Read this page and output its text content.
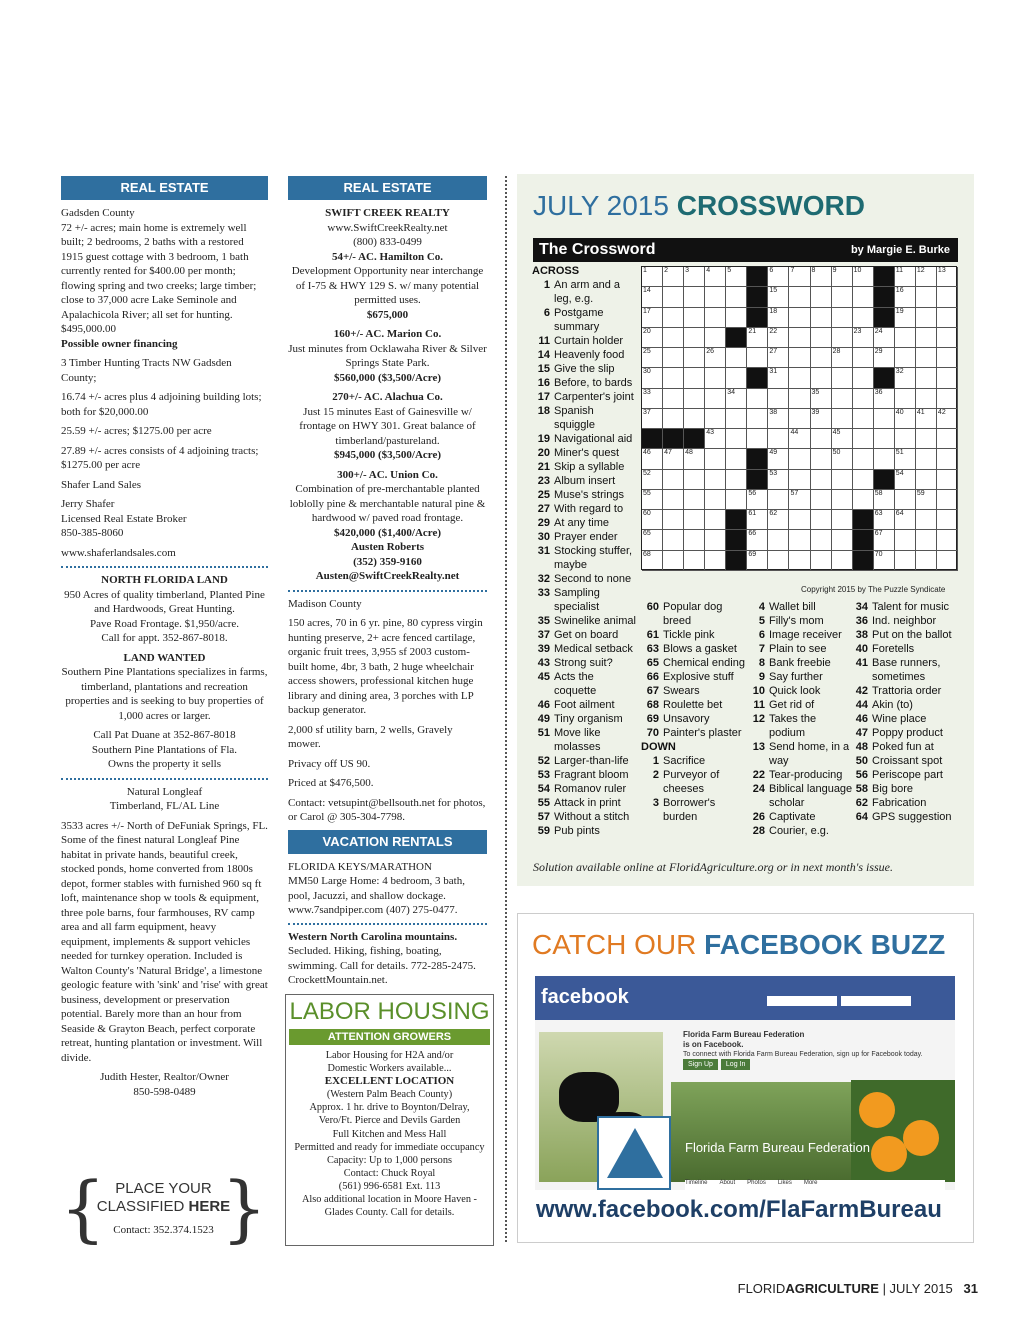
REAL ESTATE
Gadsden County
72 +/- acres; main home is extremely well built; 2 bedrooms, 2 baths with a restored 1915 guest cottage with 3 bedroom, 1 bath currently rented for $400.00 per month; flowing spring and two creeks; large timber; close to 37,000 acre Lake Seminole and Apalachicola River; all set for hunting. $495,000.00
Possible owner financing
3 Timber Hunting Tracts NW Gadsden County;
16.74 +/- acres plus 4 adjoining building lots; both for $20,000.00
25.59 +/- acres; $1275.00 per acre
27.89 +/- acres consists of 4 adjoining tracts; $1275.00 per acre
Shafer Land Sales
Jerry Shafer
Licensed Real Estate Broker
850-385-8060
www.shaferlandsales.com
NORTH FLORIDA LAND
950 Acres of quality timberland, Planted Pine and Hardwoods, Great Hunting.
Pave Road Frontage. $1,950/acre.
Call for appt. 352-867-8018.
LAND WANTED
Southern Pine Plantations specializes in farms, timberland, plantations and recreation properties and is seeking to buy properties of 1,000 acres or larger.
Call Pat Duane at 352-867-8018
Southern Pine Plantations of Fla.
Owns the property it sells
Natural Longleaf
Timberland, FL/AL Line
3533 acres +/- North of DeFuniak Springs, FL. Some of the finest natural Longleaf Pine habitat in private hands, beautiful creek, stocked ponds, home converted from 1800s depot, former stables with furnished 960 sq ft loft, maintenance shop w tools & equipment, three pole barns, four farmhouses, RV camp area and all farm equipment, heavy equipment, implements & support vehicles needed for turnkey operation. Included is Walton County's 'Natural Bridge', a limestone geologic feature with 'sink' and 'rise' with great business, development or preservation potential. Barely more than an hour from Seaside & Grayton Beach, perfect corporate retreat, hunting plantation or investment. Will divide.
Judith Hester, Realtor/Owner
850-598-0489
{ }
PLACE YOUR
CLASSIFIED HERE
Contact: 352.374.1523
REAL ESTATE
SWIFT CREEK REALTY
www.SwiftCreekRealty.net
(800) 833-0499
54+/- AC. Hamilton Co.
Development Opportunity near interchange of I-75 & HWY 129 S. w/ many potential permitted uses.
$675,000
160+/- AC. Marion Co.
Just minutes from Ocklawaha River & Silver Springs State Park.
$560,000 ($3,500/Acre)
270+/- AC. Alachua Co.
Just 15 minutes East of Gainesville w/ frontage on HWY 301. Great balance of timberland/pastureland.
$945,000 ($3,500/Acre)
300+/- AC. Union Co.
Combination of pre-merchantable planted loblolly pine & merchantable natural pine & hardwood w/ paved road frontage.
$420,000 ($1,400/Acre)
Austen Roberts
(352) 359-9160
Austen@SwiftCreekRealty.net
Madison County
150 acres, 70 in 6 yr. pine, 80 cypress virgin hunting preserve, 2+ acre fenced cartilage, organic fruit trees, 3,955 sf 2003 custom-built home, 4br, 3 bath, 2 huge wheelchair access showers, professional kitchen huge library and dining area, 3 porches with LP backup generator.
2,000 sf utility barn, 2 wells, Gravely mower.
Privacy off US 90.
Priced at $476,500.
Contact: vetsupint@bellsouth.net for photos, or Carol @ 305-304-7798.
VACATION RENTALS
FLORIDA KEYS/MARATHON
MM50 Large Home: 4 bedroom, 3 bath, pool, Jacuzzi, and shallow dockage. www.7sandpiper.com (407) 275-0477.
Western North Carolina mountains.
Secluded. Hiking, fishing, boating, swimming. Call for details. 772-285-2475. CrockettMountain.net.
LABOR HOUSING
ATTENTION GROWERS
Labor Housing for H2A and/or Domestic Workers available...
EXCELLENT LOCATION
(Western Palm Beach County)
Approx. 1 hr. drive to Boynton/Delray, Vero/Ft. Pierce and Devils Garden
Full Kitchen and Mess Hall
Permitted and ready for immediate occupancy
Capacity: Up to 1,000 persons
Contact: Chuck Royal
(561) 996-6581 Ext. 113
Also additional location in Moore Haven - Glades County. Call for details.
JULY 2015 CROSSWORD
The Crossword	by Margie E. Burke
ACROSS
1 An arm and a
leg, e.g.
6 Postgame
summary
11 Curtain holder
14 Heavenly food
15 Give the slip
16 Before, to bards
17 Carpenter's joint
18 Spanish
squiggle
19 Navigational aid
20 Miner's quest
21 Skip a syllable
23 Album insert
25 Muse's strings
27 With regard to
29 At any time
30 Prayer ender
31 Stocking stuffer,
maybe
32 Second to none
33 Sampling
specialist
35 Swinelike animal
37 Get on board
39 Medical setback
43 Strong suit?
45 Acts the
coquette
46 Foot ailment
49 Tiny organism
51 Move like
molasses
52 Larger-than-life
53 Fragrant bloom
54 Romanov ruler
55 Attack in print
57 Without a stitch
59 Pub pints
60 Popular dog
breed
61 Tickle pink
63 Blows a gasket
65 Chemical ending
66 Explosive stuff
67 Swears
68 Roulette bet
69 Unsavory
70 Painter's plaster
DOWN
1 Sacrifice
2 Purveyor of
cheeses
3 Borrower's
burden
4 Wallet bill
5 Filly's mom
6 Image receiver
7 Plain to see
8 Bank freebie
9 Say further
10 Quick look
11 Get rid of
12 Takes the
podium
13 Send home, in a
way
22 Tear-producing
24 Biblical language
scholar
26 Captivate
28 Courier, e.g.
34 Talent for music
36 Ind. neighbor
38 Put on the ballot
40 Foretells
41 Base runners,
sometimes
42 Trattoria order
44 Akin (to)
46 Wine place
47 Poppy product
48 Poked fun at
50 Croissant spot
56 Periscope part
58 Big bore
62 Fabrication
64 GPS suggestion
1	2	3	4	5	6	7	8	9	10	11	12	13
14	15	16
17	18	19
20	21	22	23	24
25	26	27	28	29
30	31	32
33	34	35	36
37	38	39	40	41	42
43	44	45
46	47	48	49	50	51
52	53	54
55	56	57	58	59
60	61	62	63	64
65	66	67
68	69	70
Copyright 2015 by The Puzzle Syndicate
Solution available online at FloridAgriculture.org or in next month's issue.
CATCH OUR FACEBOOK BUZZ
facebook
Florida Farm Bureau Federation
is on Facebook.
To connect with Florida Farm Bureau Federation, sign up for Facebook today.
Sign Up Log In
Florida Farm Bureau Federation
Timeline About Photos Likes More
www.facebook.com/FlaFarmBureau
FLORIDAGRICULTURE | JULY 2015 31
